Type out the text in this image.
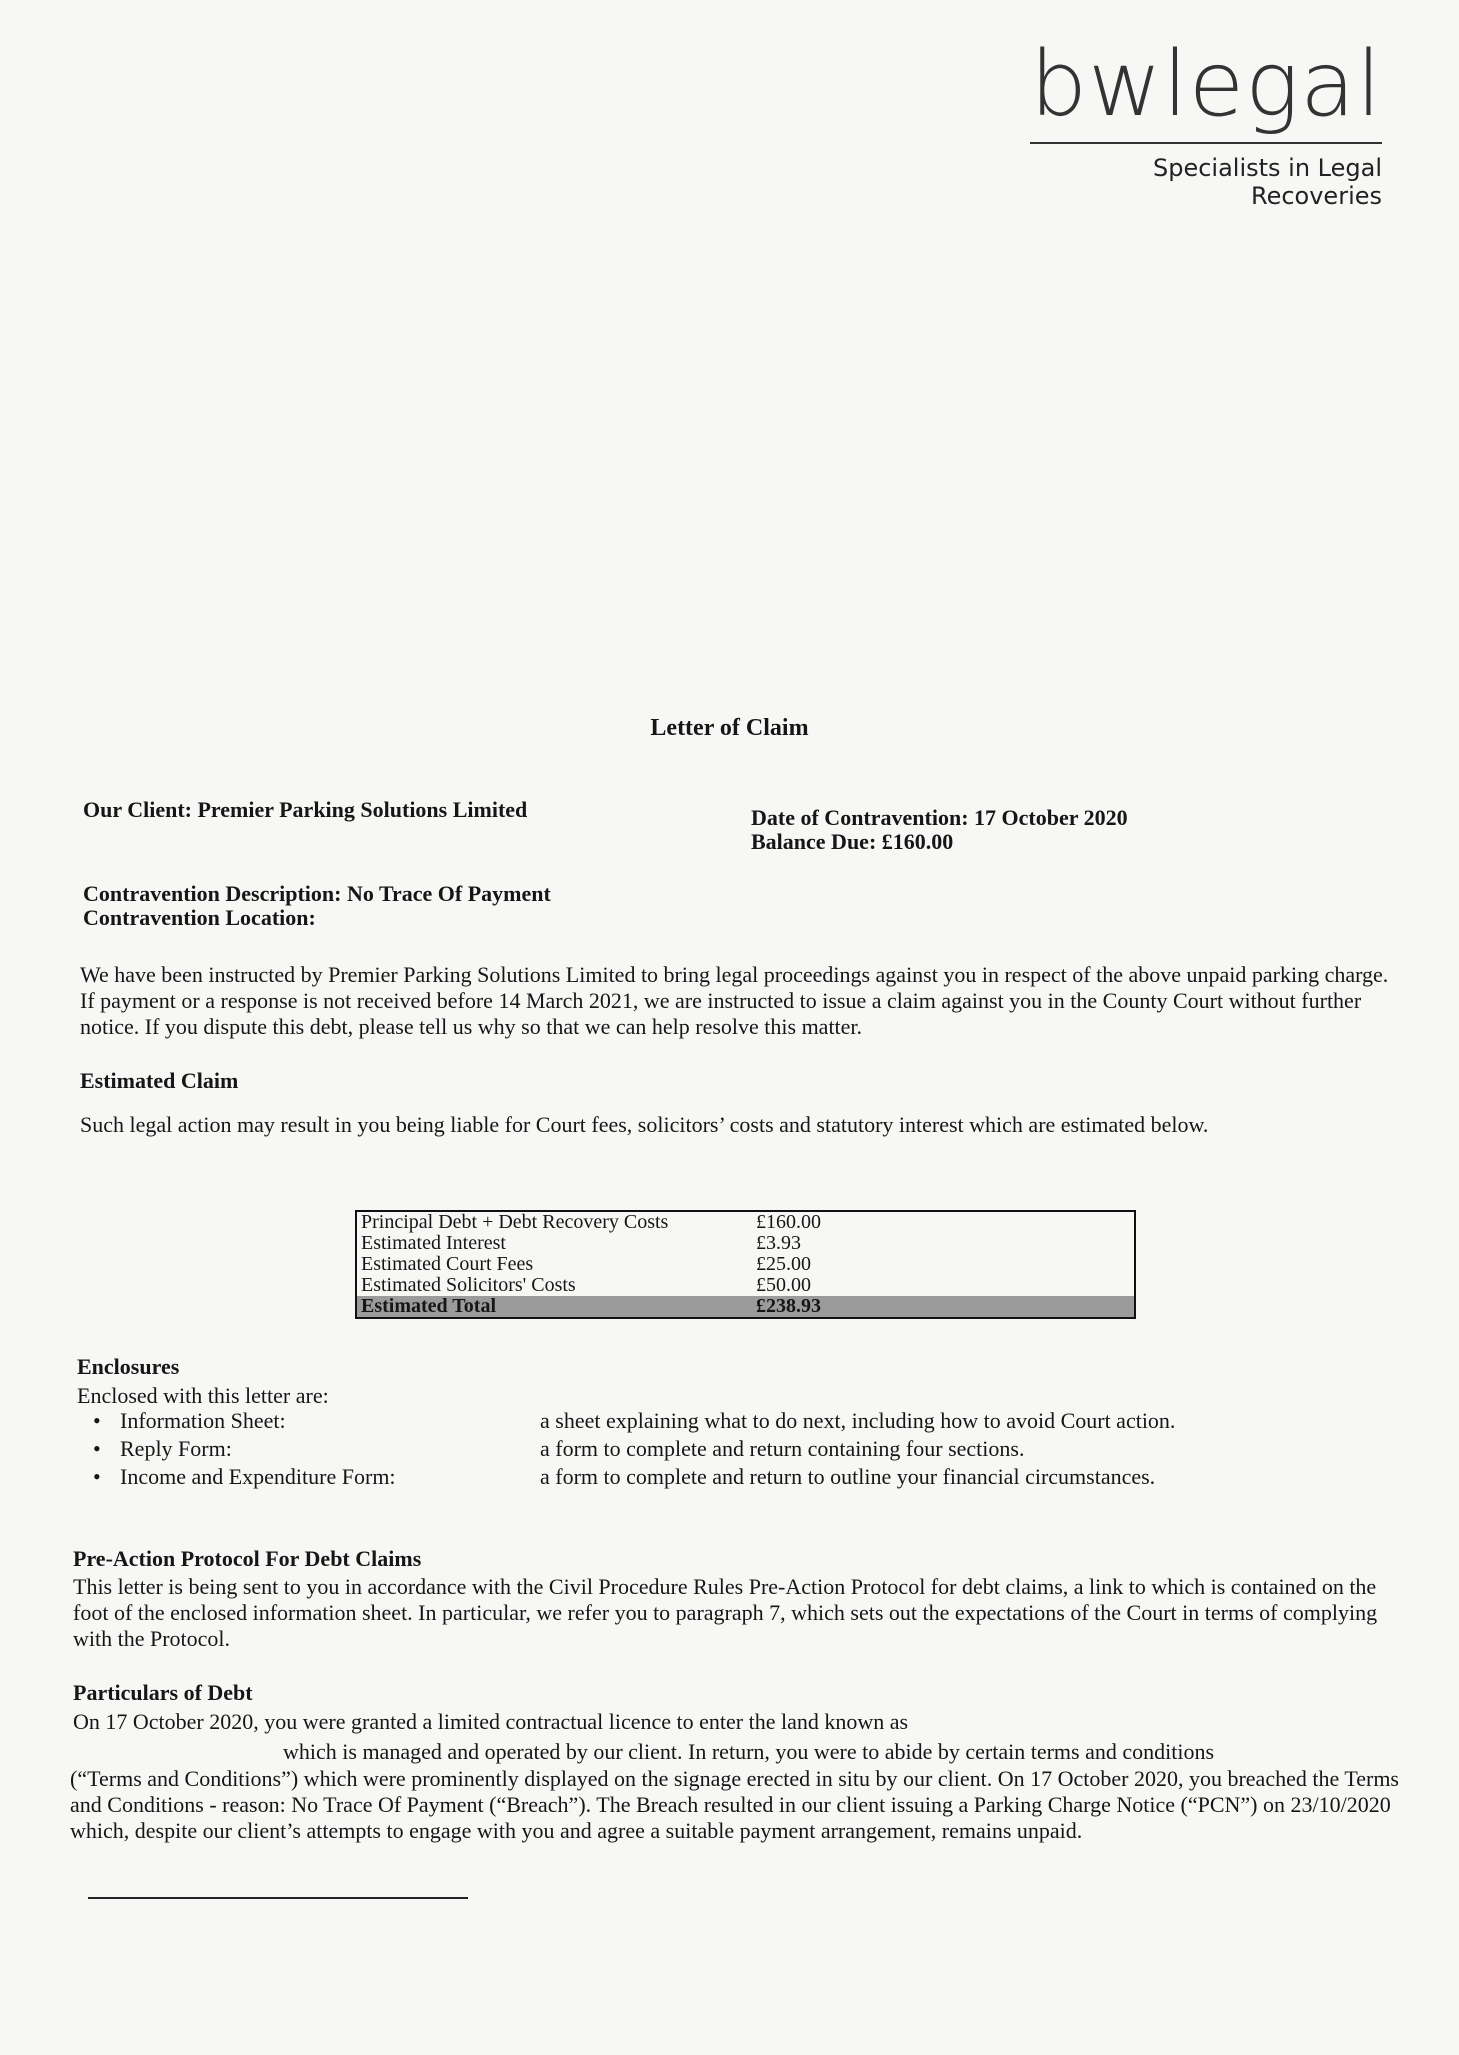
bwlegal
Specialists in Legal Recoveries
Letter of Claim
Our Client: Premier Parking Solutions Limited	Date of Contravention: 17 October 2020
Balance Due: £160.00
Contravention Description: No Trace Of Payment
Contravention Location:
We have been instructed by Premier Parking Solutions Limited to bring legal proceedings against you in respect of the above unpaid parking charge. If payment or a response is not received before 14 March 2021, we are instructed to issue a claim against you in the County Court without further notice. If you dispute this debt, please tell us why so that we can help resolve this matter.
Estimated Claim
Such legal action may result in you being liable for Court fees, solicitors’ costs and statutory interest which are estimated below.
Principal Debt + Debt Recovery Costs	£160.00
Estimated Interest	£3.93
Estimated Court Fees	£25.00
Estimated Solicitors' Costs	£50.00
Estimated Total	£238.93
Enclosures
Enclosed with this letter are:
• Information Sheet:	a sheet explaining what to do next, including how to avoid Court action.
• Reply Form:	a form to complete and return containing four sections.
• Income and Expenditure Form:	a form to complete and return to outline your financial circumstances.
Pre-Action Protocol For Debt Claims
This letter is being sent to you in accordance with the Civil Procedure Rules Pre-Action Protocol for debt claims, a link to which is contained on the foot of the enclosed information sheet. In particular, we refer you to paragraph 7, which sets out the expectations of the Court in terms of complying with the Protocol.
Particulars of Debt
On 17 October 2020, you were granted a limited contractual licence to enter the land known as
which is managed and operated by our client. In return, you were to abide by certain terms and conditions
(“Terms and Conditions”) which were prominently displayed on the signage erected in situ by our client. On 17 October 2020, you breached the Terms and Conditions - reason: No Trace Of Payment (“Breach”). The Breach resulted in our client issuing a Parking Charge Notice (“PCN”) on 23/10/2020 which, despite our client’s attempts to engage with you and agree a suitable payment arrangement, remains unpaid.
